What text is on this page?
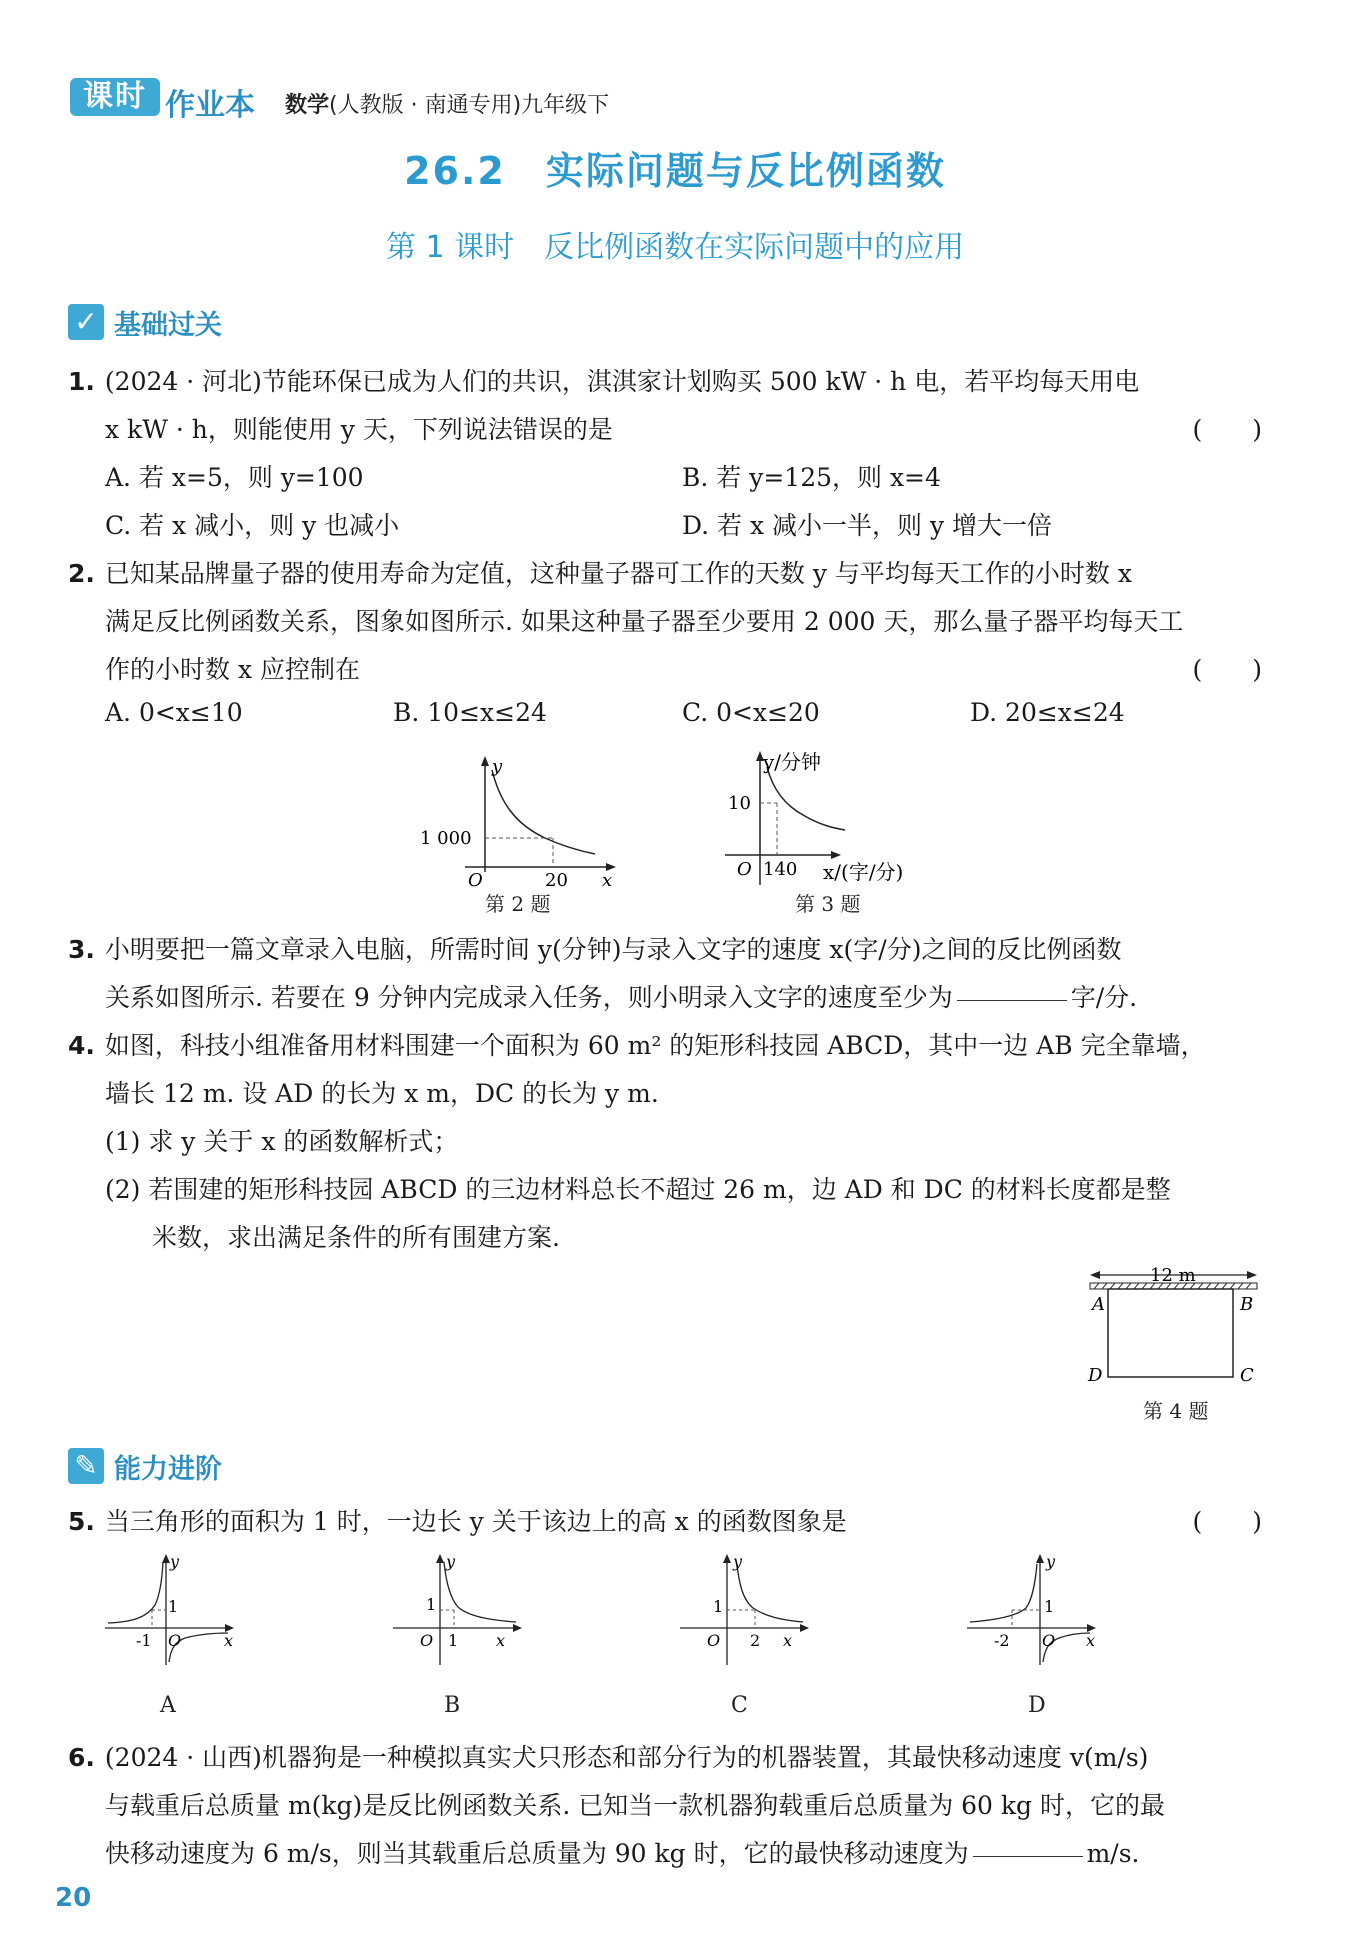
课时 作业本 数学(人教版 · 南通专用)九年级下
26.2　实际问题与反比例函数
第 1 课时　反比例函数在实际问题中的应用
✓ 基础过关
1. (2024 · 河北)节能环保已成为人们的共识，淇淇家计划购买 500 kW · h 电，若平均每天用电
x kW · h，则能使用 y 天，下列说法错误的是	(　　)
A. 若 x=5，则 y=100	B. 若 y=125，则 x=4
C. 若 x 减小，则 y 也减小	D. 若 x 减小一半，则 y 增大一倍
2. 已知某品牌量子器的使用寿命为定值，这种量子器可工作的天数 y 与平均每天工作的小时数 x
满足反比例函数关系，图象如图所示. 如果这种量子器至少要用 2 000 天，那么量子器平均每天工
作的小时数 x 应控制在	(　　)
A. 0<x≤10	B. 10≤x≤24	C. 0<x≤20	D. 20≤x≤24
y
x
O
1 000
20
第 2 题
y/分钟
x/(字/分)
O
10
140
第 3 题
3. 小明要把一篇文章录入电脑，所需时间 y(分钟)与录入文字的速度 x(字/分)之间的反比例函数
关系如图所示. 若要在 9 分钟内完成录入任务，则小明录入文字的速度至少为	字/分.
4. 如图，科技小组准备用材料围建一个面积为 60 m² 的矩形科技园 ABCD，其中一边 AB 完全靠墙，
墙长 12 m. 设 AD 的长为 x m，DC 的长为 y m.
(1) 求 y 关于 x 的函数解析式；
(2) 若围建的矩形科技园 ABCD 的三边材料总长不超过 26 m，边 AD 和 DC 的材料长度都是整
米数，求出满足条件的所有围建方案.
12 m
A	B
C
D
第 4 题
✎ 能力进阶
5. 当三角形的面积为 1 时，一边长 y 关于该边上的高 x 的函数图象是	(　　)
y
x
O
1
-1
A
y
x
O
1
1
B
y
x
O
1
2
C
y
x
O
1
-2
D
6. (2024 · 山西)机器狗是一种模拟真实犬只形态和部分行为的机器装置，其最快移动速度 v(m/s)
与载重后总质量 m(kg)是反比例函数关系. 已知当一款机器狗载重后总质量为 60 kg 时，它的最
快移动速度为 6 m/s，则当其载重后总质量为 90 kg 时，它的最快移动速度为	m/s.
20
